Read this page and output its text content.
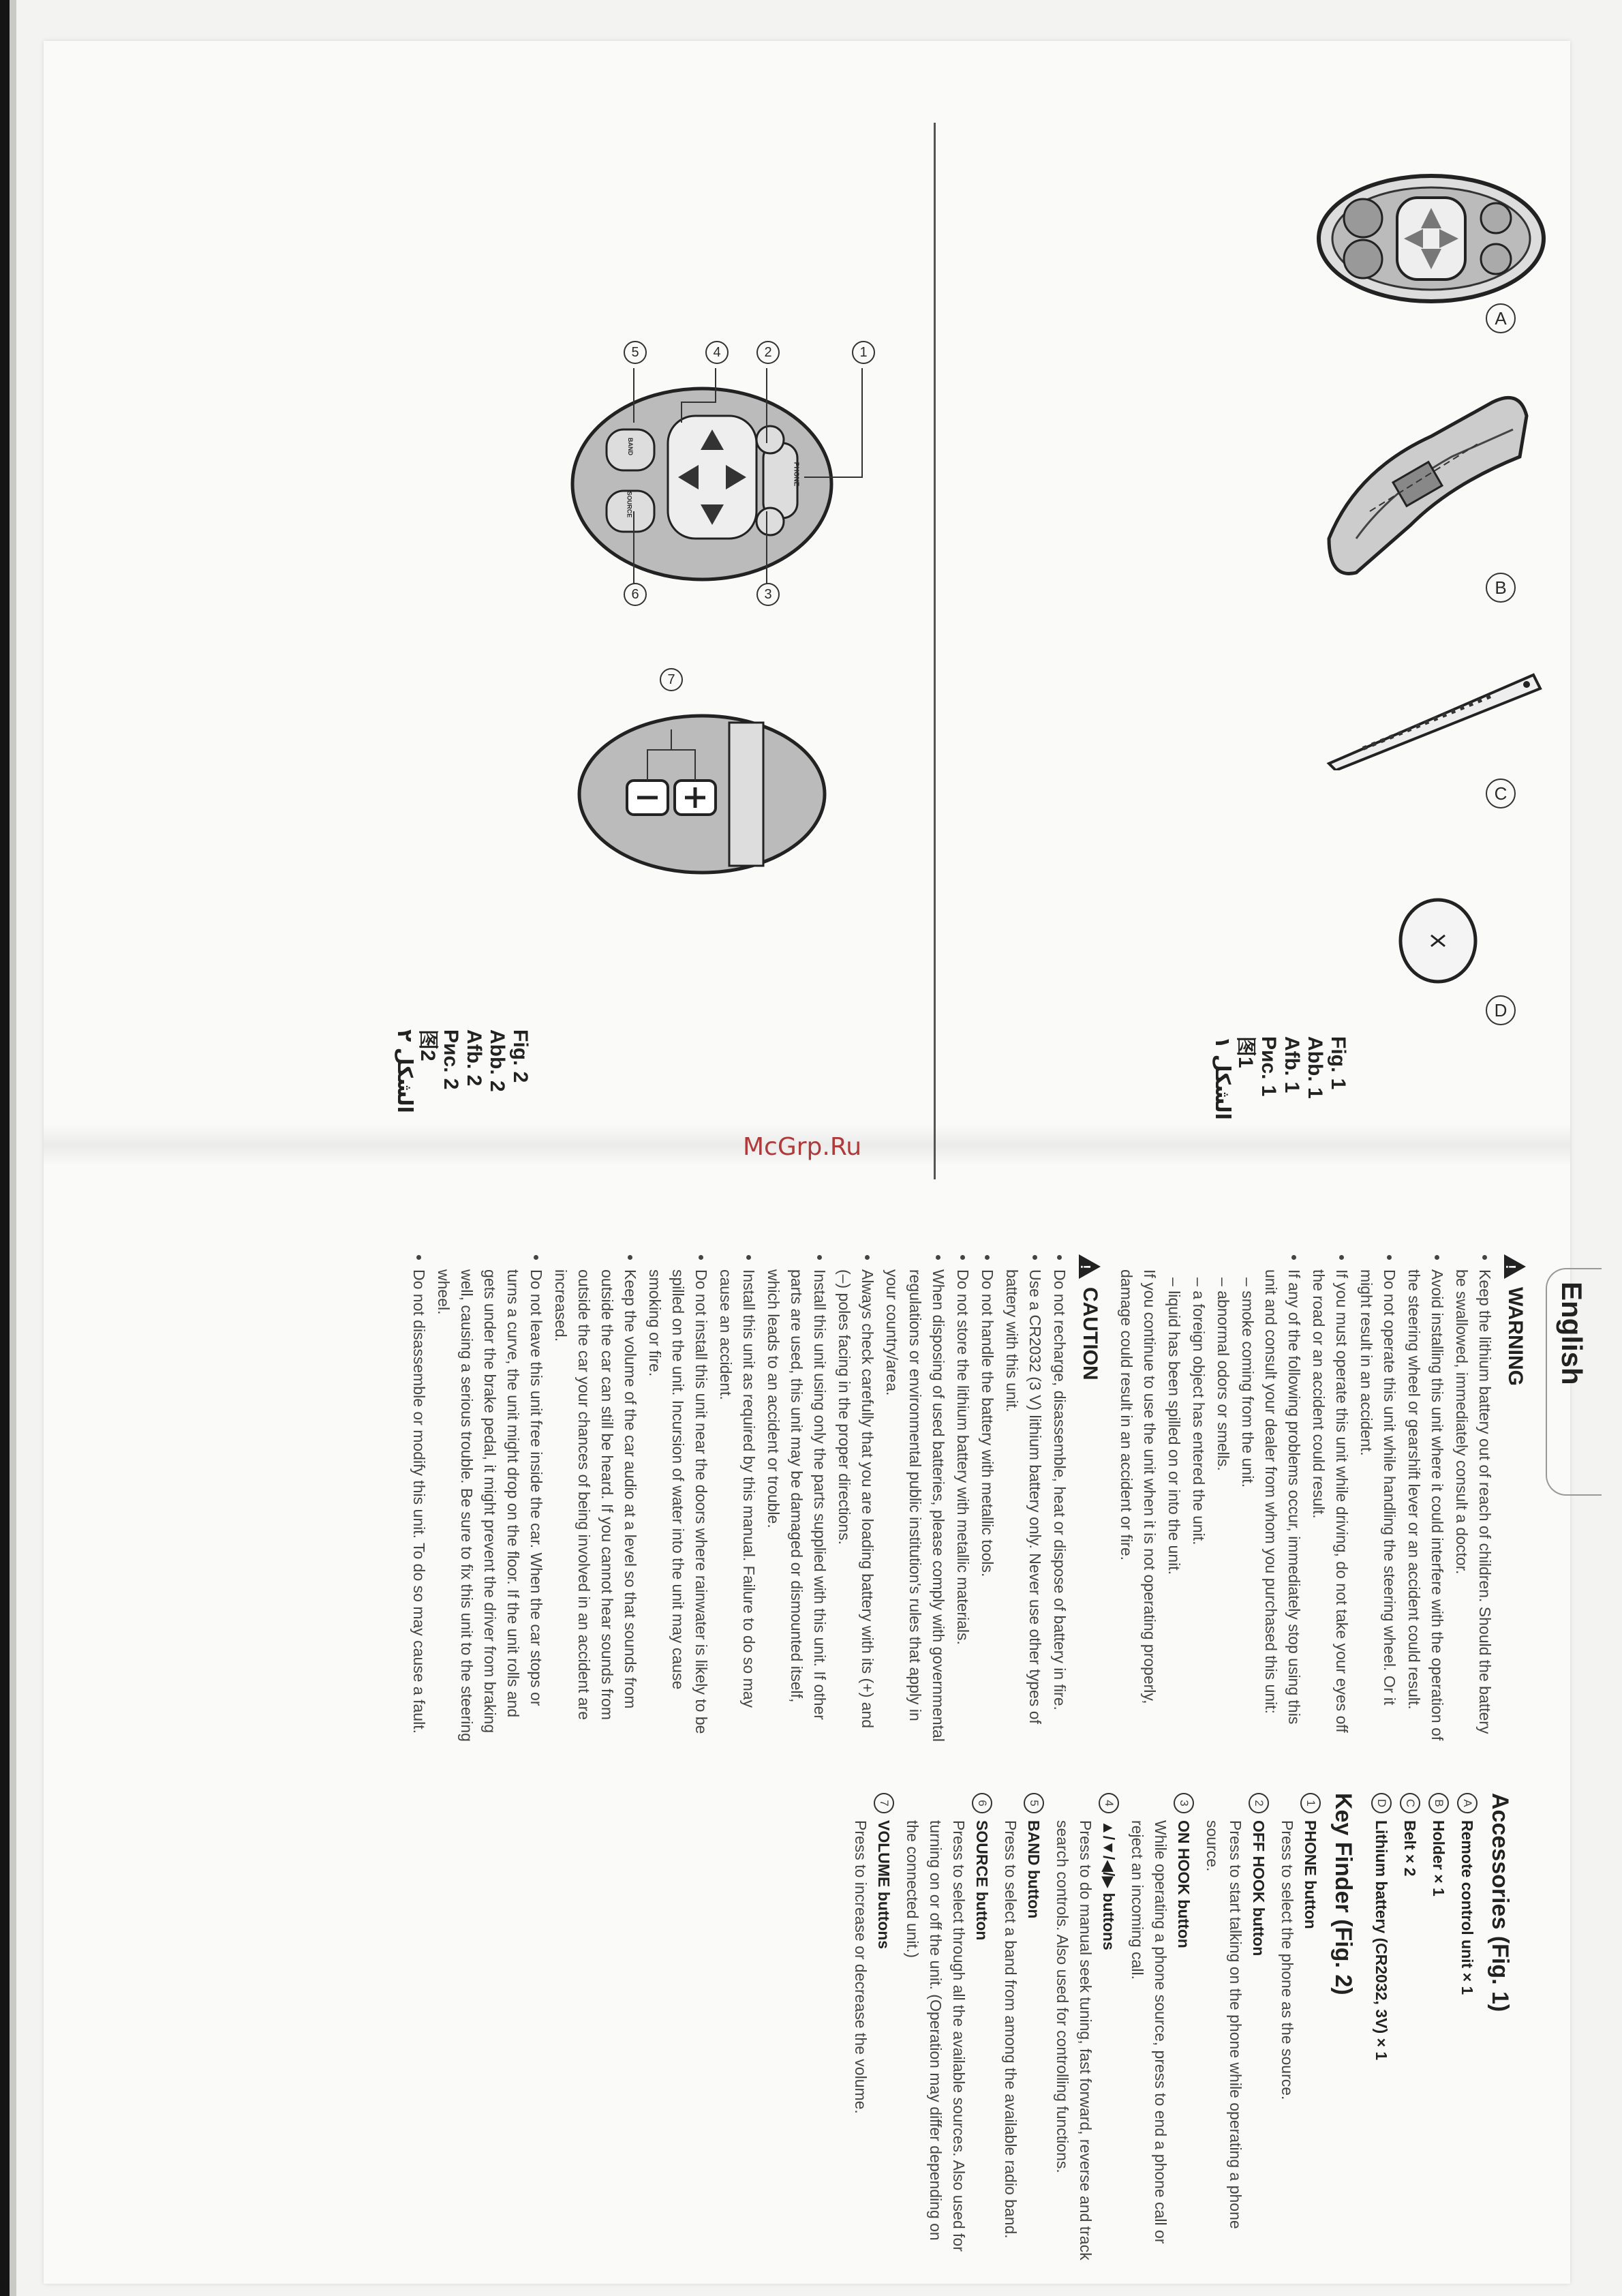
McGrp.Ru
A
B
C
D
Fig. 1
Abb. 1
Afb. 1
Рис. 1
图1
الشكل ١
PHONE
BAND
SOURCE
1
2
3
4
5
6
7
Fig. 2
Abb. 2
Afb. 2
Рис. 2
图2
الشكل ٢
English
!
WARNING
• Keep the lithium battery out of reach of children. Should the battery be swallowed, immediately consult a doctor.
• Avoid installing this unit where it could interfere with the operation of the steering wheel or gearshift lever or an accident could result.
• Do not operate this unit while handling the steering wheel. Or it might result in an accident.
• If you must operate this unit while driving, do not take your eyes off the road or an accident could result.
• If any of the following problems occur, immediately stop using this unit and consult your dealer from whom you purchased this unit:
– smoke coming from the unit.
– abnormal odors or smells.
– a foreign object has entered the unit.
– liquid has been spilled on or into the unit.
If you continue to use the unit when it is not operating properly, damage could result in an accident or fire.
!
CAUTION
• Do not recharge, disassemble, heat or dispose of battery in fire.
• Use a CR2032 (3 V) lithium battery only. Never use other types of battery with this unit.
• Do not handle the battery with metallic tools.
• Do not store the lithium battery with metallic materials.
• When disposing of used batteries, please comply with governmental regulations or environmental public institution's rules that apply in your country/area.
• Always check carefully that you are loading battery with its (+) and (–) poles facing in the proper directions.
• Install this unit using only the parts supplied with this unit. If other parts are used, this unit may be damaged or dismounted itself, which leads to an accident or trouble.
• Install this unit as required by this manual. Failure to do so may cause an accident.
• Do not install this unit near the doors where rainwater is likely to be spilled on the unit. Incursion of water into the unit may cause smoking or fire.
• Keep the volume of the car audio at a level so that sounds from outside the car can still be heard. If you cannot hear sounds from outside the car your chances of being involved in an accident are increased.
• Do not leave this unit free inside the car. When the car stops or turns a curve, the unit might drop on the floor. If the unit rolls and gets under the brake pedal, it might prevent the driver from braking well, causing a serious trouble. Be sure to fix this unit to the steering wheel.
• Do not disassemble or modify this unit. To do so may cause a fault.
Accessories (Fig. 1)
A
Remote control unit × 1
B
Holder × 1
C
Belt × 2
D
Lithium battery (CR2032, 3V) × 1
Key Finder (Fig. 2)
1
PHONE button
Press to select the phone as the source.
2
OFF HOOK button
Press to start talking on the phone while operating a phone source.
3
ON HOOK button
While operating a phone source, press to end a phone call or reject an incoming call.
4
▲/▼/◀/▶ buttons
Press to do manual seek tuning, fast forward, reverse and track search controls. Also used for controlling functions.
5
BAND button
Press to select a band from among the available radio band.
6
SOURCE button
Press to select through all the available sources. Also used for turning on or off the unit. (Operation may differ depending on the connected unit.)
7
VOLUME buttons
Press to increase or decrease the volume.
